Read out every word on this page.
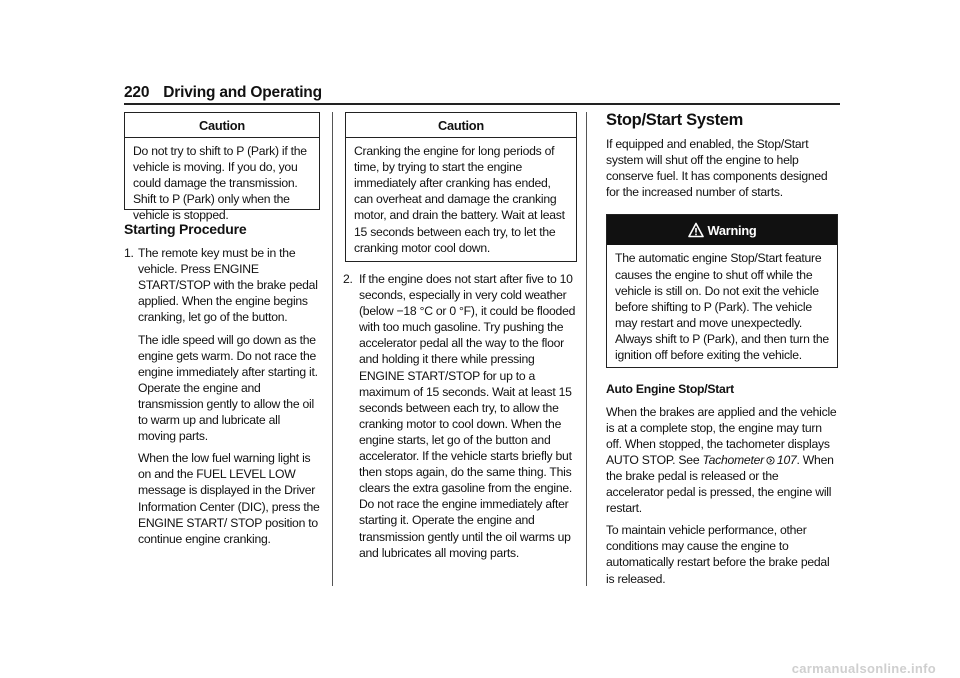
220 Driving and Operating
Caution

Do not try to shift to P (Park) if the vehicle is moving. If you do, you could damage the transmission. Shift to P (Park) only when the vehicle is stopped.

Starting Procedure
1. The remote key must be in the vehicle. Press ENGINE START/STOP with the brake pedal applied. When the engine begins cranking, let go of the button.

The idle speed will go down as the engine gets warm. Do not race the engine immediately after starting it. Operate the engine and transmission gently to allow the oil to warm up and lubricate all moving parts.

When the low fuel warning light is on and the FUEL LEVEL LOW message is displayed in the Driver Information Center (DIC), press the ENGINE START/ STOP position to continue engine cranking.

Caution

Cranking the engine for long periods of time, by trying to start the engine immediately after cranking has ended, can overheat and damage the cranking motor, and drain the battery. Wait at least 15 seconds between each try, to let the cranking motor cool down.

2. If the engine does not start after five to 10 seconds, especially in very cold weather (below −18 °C or 0 °F), it could be flooded with too much gasoline. Try pushing the accelerator pedal all the way to the floor and holding it there while pressing ENGINE START/STOP for up to a maximum of 15 seconds. Wait at least 15 seconds between each try, to allow the cranking motor to cool down. When the engine starts, let go of the button and accelerator. If the vehicle starts briefly but then stops again, do the same thing. This clears the extra gasoline from the engine. Do not race the engine immediately after starting it. Operate the engine and transmission gently until the oil warms up and lubricates all moving parts.

Stop/Start System

If equipped and enabled, the Stop/Start system will shut off the engine to help conserve fuel. It has components designed for the increased number of starts.

Warning

The automatic engine Stop/Start feature causes the engine to shut off while the vehicle is still on. Do not exit the vehicle before shifting to P (Park). The vehicle may restart and move unexpectedly. Always shift to P (Park), and then turn the ignition off before exiting the vehicle.

Auto Engine Stop/Start

When the brakes are applied and the vehicle is at a complete stop, the engine may turn off. When stopped, the tachometer displays AUTO STOP. See Tachometer 107. When the brake pedal is released or the accelerator pedal is pressed, the engine will restart.

To maintain vehicle performance, other conditions may cause the engine to automatically restart before the brake pedal is released.

carmanualsonline.info
